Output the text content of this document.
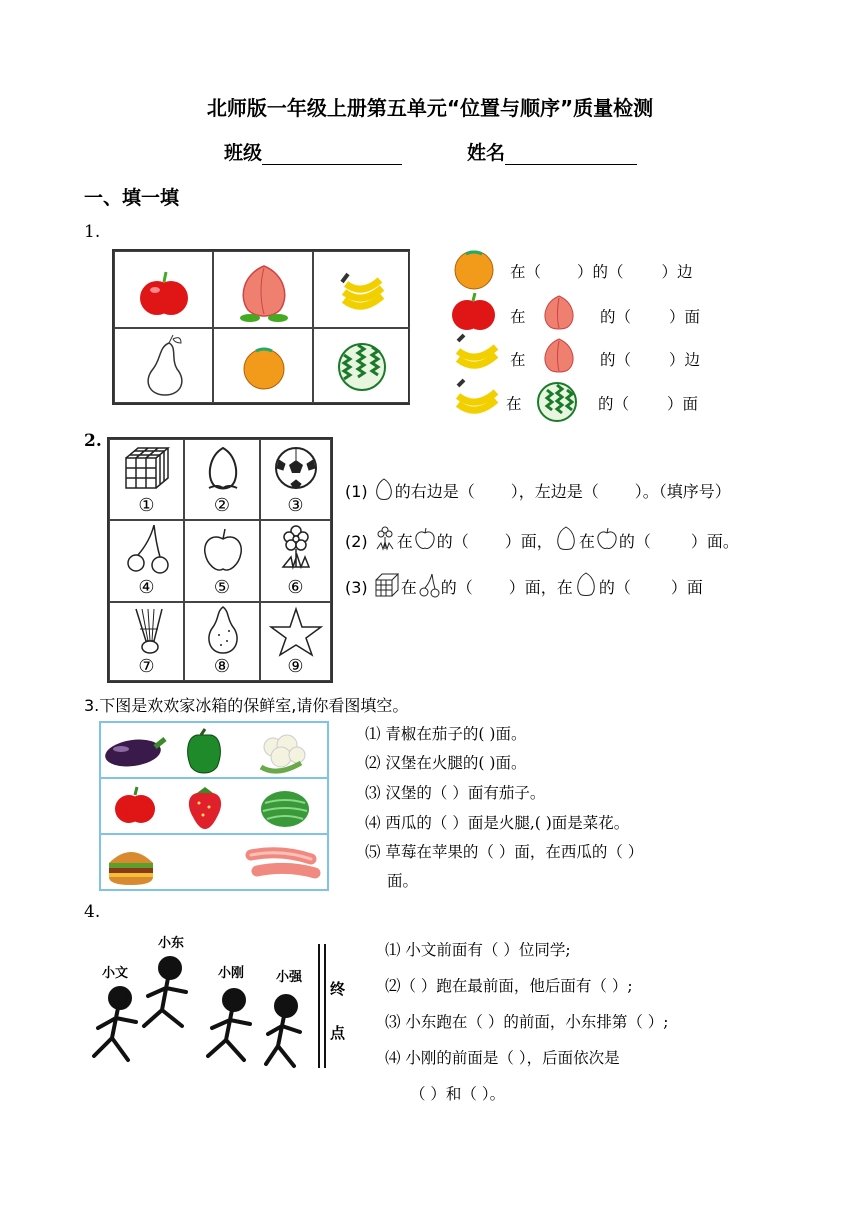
北师版一年级上册第五单元“位置与顺序”质量检测
班级	姓名
一、填一填
1.
在（ ）的（ ）边
在	的（ ）面
在	的（ ）边
在	的（ ）面
2.
①	②	③
④	⑤	⑥
⑦	⑧	⑨
(1) 的右边是（ ），左边是（ ）。（填序号）
(2) 在 的（ ）面， 在 的（	）面。
(3) 在 的（ ）面，在 的（	）面
3.下图是欢欢家冰箱的保鲜室,请你看图填空。
⑴ 青椒在茄子的( )面。
⑵ 汉堡在火腿的( )面。
⑶ 汉堡的（ ）面有茄子。
⑷ 西瓜的（ ）面是火腿,( )面是菜花。
⑸ 草莓在苹果的（ ）面，在西瓜的（ ）
面。
4.
小东
小文	小刚 小强
终
点
⑴ 小文前面有（ ）位同学;
⑵（ ）跑在最前面，他后面有（ ）;
⑶ 小东跑在（ ）的前面，小东排第（ ）;
⑷ 小刚的前面是（ ），后面依次是
（ ）和（ ）。
